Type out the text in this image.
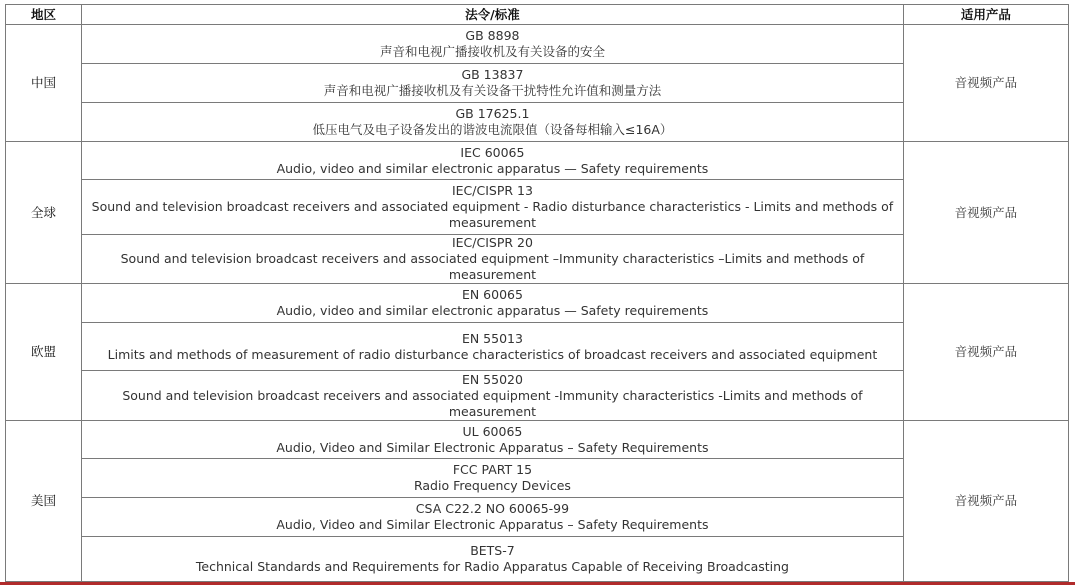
地区	法令/标准	适用产品
中国	GB 8898
声音和电视广播接收机及有关设备的安全	音视频产品

	GB 13837
声音和电视广播接收机及有关设备干扰特性允许值和测量方法	

	GB 17625.1
低压电气及电子设备发出的谐波电流限值（设备每相输入≤16A）	

全球	IEC 60065
Audio, video and similar electronic apparatus — Safety requirements	音视频产品

	IEC/CISPR 13
Sound and television broadcast receivers and associated equipment - Radio disturbance characteristics - Limits and methods of measurement	

	IEC/CISPR 20
Sound and television broadcast receivers and associated equipment –Immunity characteristics –Limits and methods of measurement	

欧盟	EN 60065
Audio, video and similar electronic apparatus — Safety requirements	音视频产品

	EN 55013
Limits and methods of measurement of radio disturbance characteristics of broadcast receivers and associated equipment	

	EN 55020
Sound and television broadcast receivers and associated equipment -Immunity characteristics -Limits and methods of measurement	

美国	UL 60065
Audio, Video and Similar Electronic Apparatus – Safety Requirements	音视频产品

	FCC PART 15
Radio Frequency Devices	

	CSA C22.2 NO 60065-99
Audio, Video and Similar Electronic Apparatus – Safety Requirements	

	BETS-7
Technical Standards and Requirements for Radio Apparatus Capable of Receiving Broadcasting	
